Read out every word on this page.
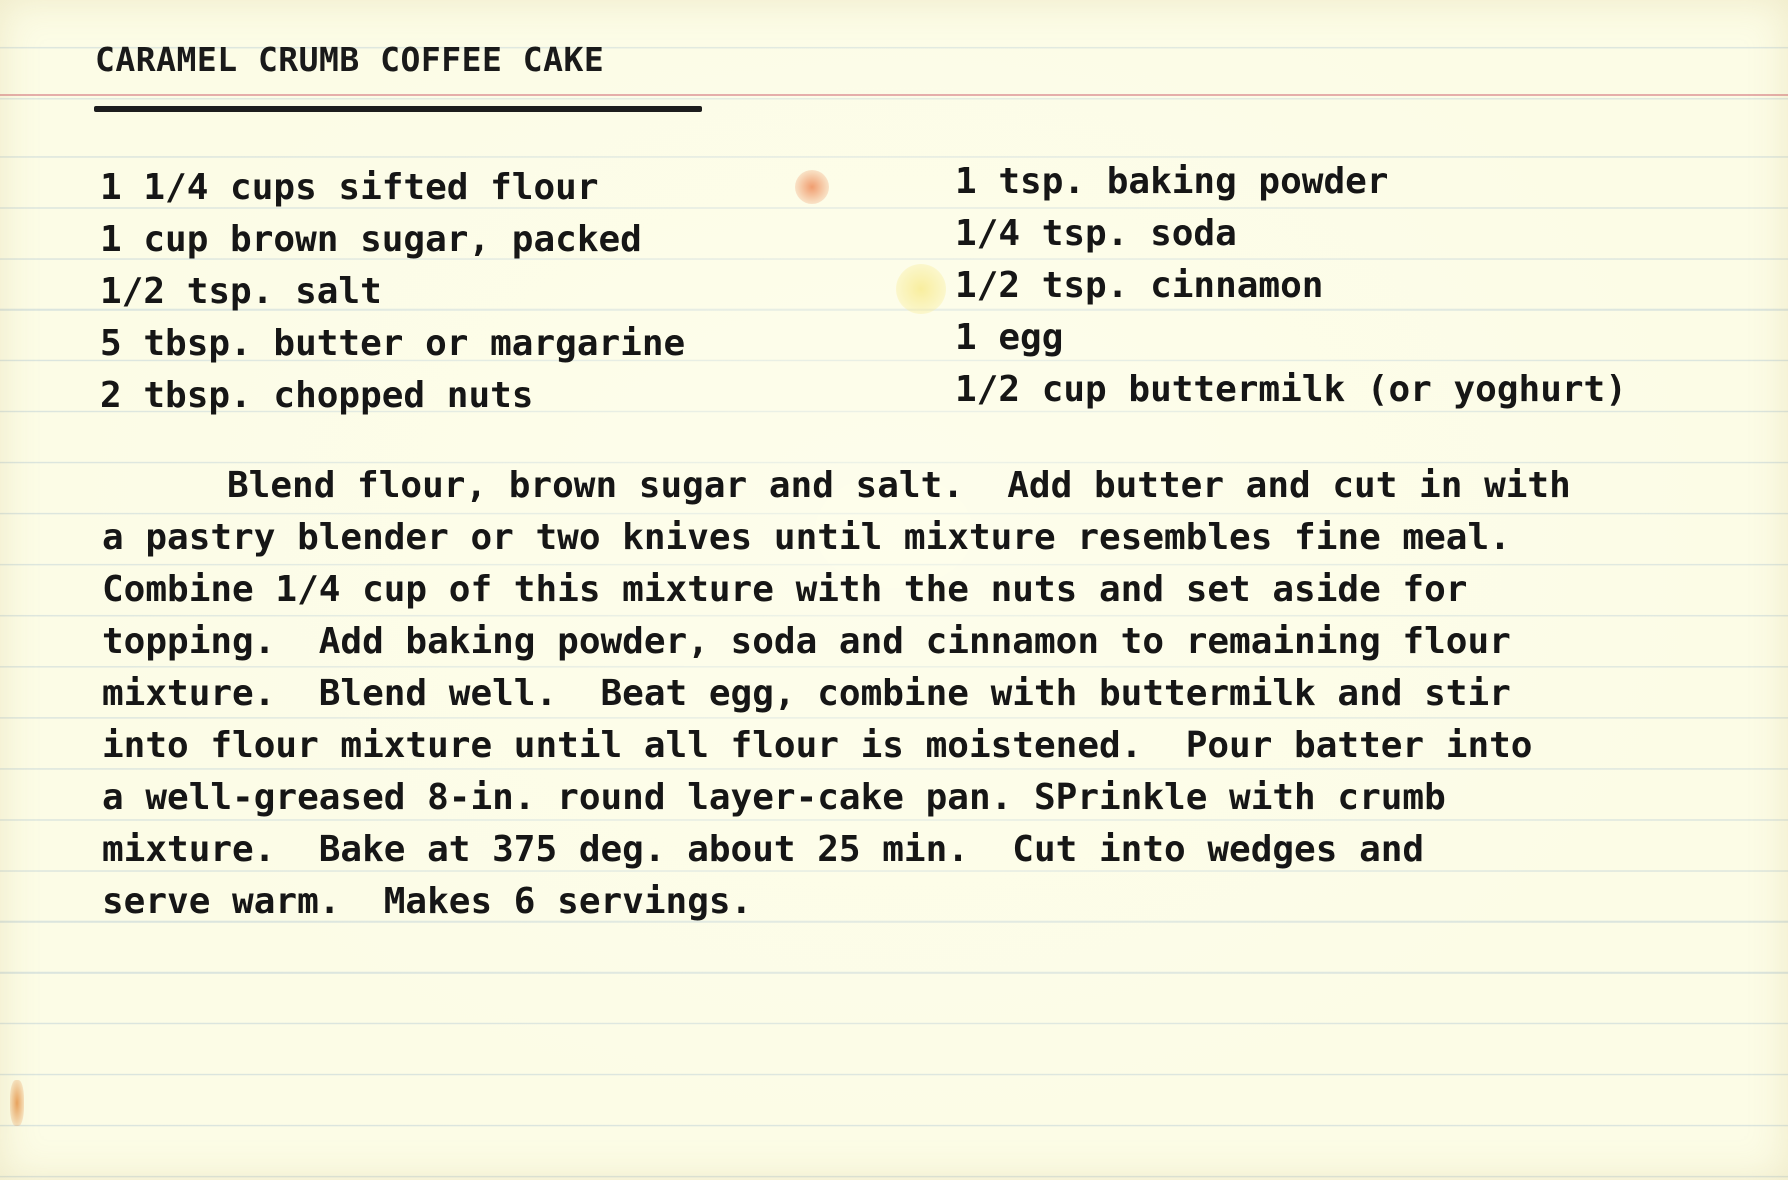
CARAMEL CRUMB COFFEE CAKE
1 1/4 cups sifted flour
1 cup brown sugar, packed
1/2 tsp. salt
5 tbsp. butter or margarine
2 tbsp. chopped nuts
1 tsp. baking powder
1/4 tsp. soda
1/2 tsp. cinnamon
1 egg
1/2 cup buttermilk (or yoghurt)
Blend flour, brown sugar and salt.  Add butter and cut in with
a pastry blender or two knives until mixture resembles fine meal.
Combine 1/4 cup of this mixture with the nuts and set aside for
topping.  Add baking powder, soda and cinnamon to remaining flour
mixture.  Blend well.  Beat egg, combine with buttermilk and stir
into flour mixture until all flour is moistened.  Pour batter into
a well-greased 8-in. round layer-cake pan. SPrinkle with crumb
mixture.  Bake at 375 deg. about 25 min.  Cut into wedges and
serve warm.  Makes 6 servings.
